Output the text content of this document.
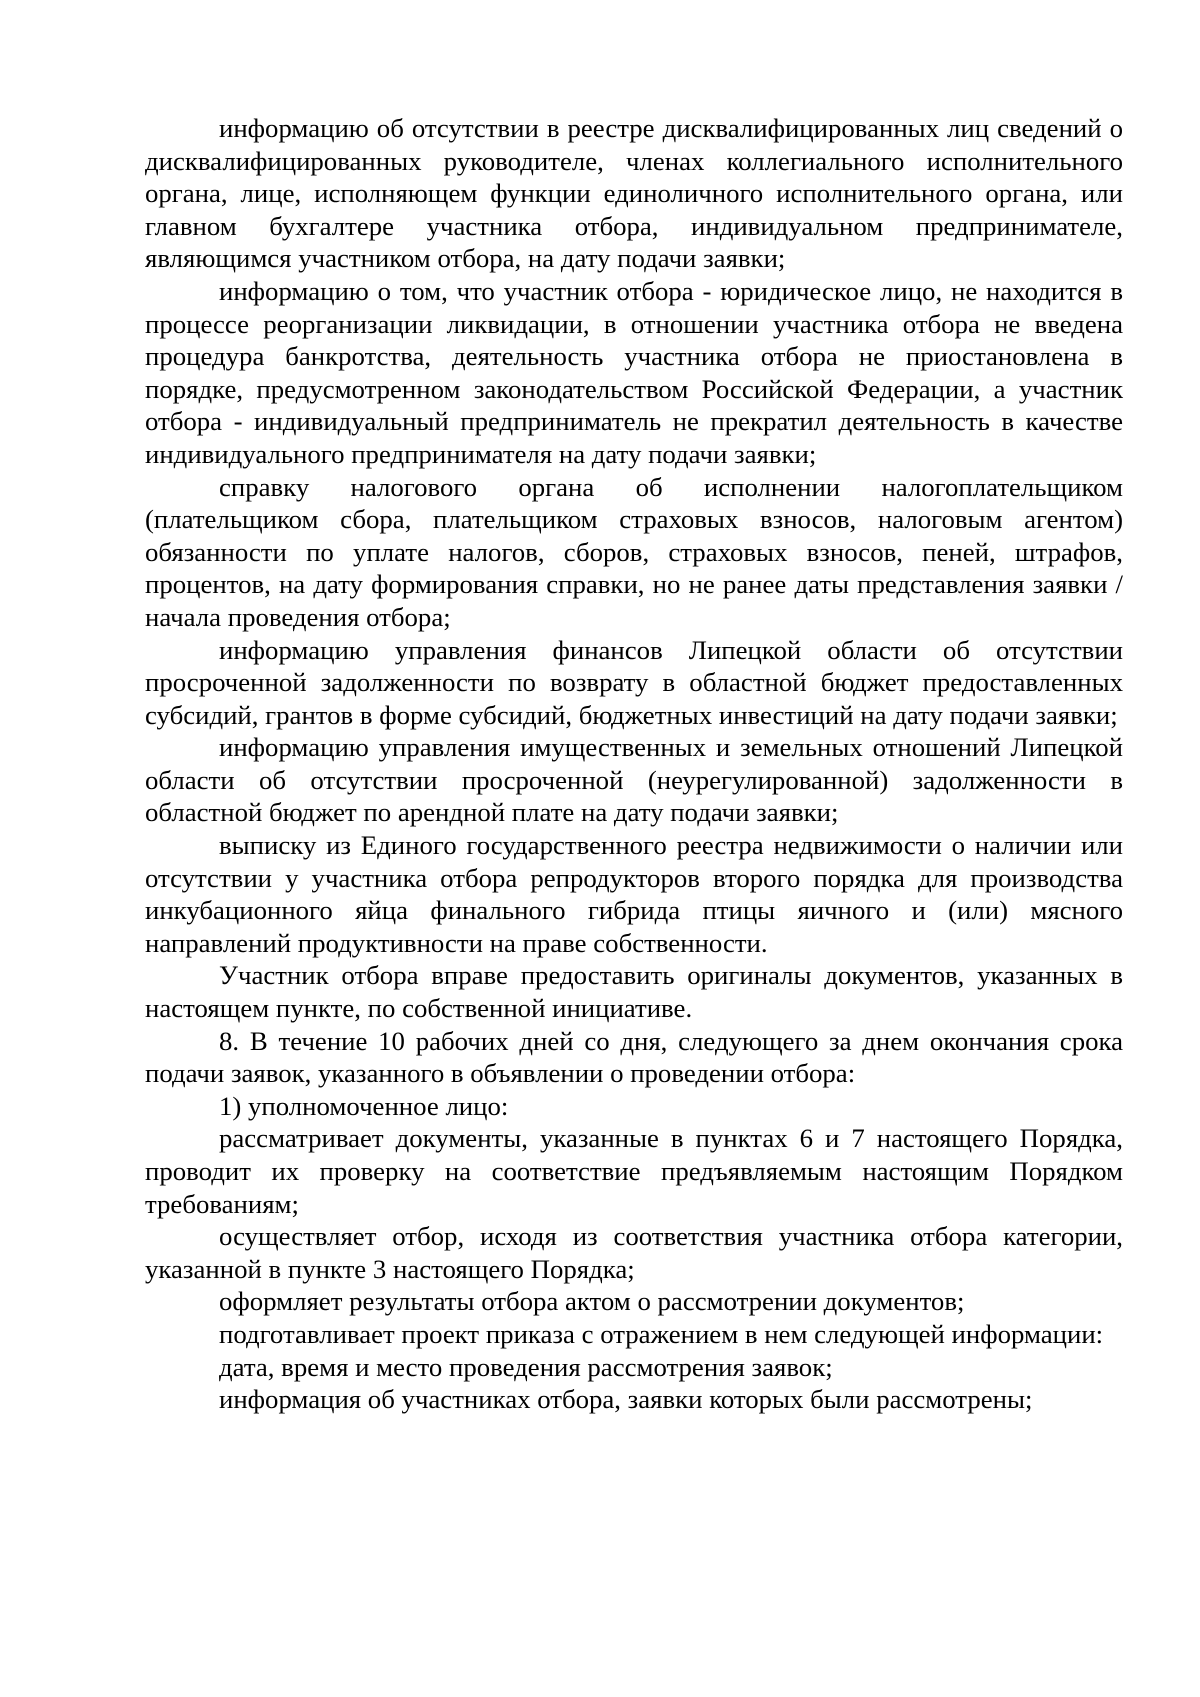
информацию об отсутствии в реестре дисквалифицированных лиц сведений о дисквалифицированных руководителе, членах коллегиального исполнительного органа, лице, исполняющем функции единоличного исполнительного органа, или главном бухгалтере участника отбора, индивидуальном предпринимателе, являющимся участником отбора, на дату подачи заявки;

информацию о том, что участник отбора - юридическое лицо, не находится в процессе реорганизации ликвидации, в отношении участника отбора не введена процедура банкротства, деятельность участника отбора не приостановлена в порядке, предусмотренном законодательством Российской Федерации, а участник отбора - индивидуальный предприниматель не прекратил деятельность в качестве индивидуального предпринимателя на дату подачи заявки;

справку налогового органа об исполнении налогоплательщиком (плательщиком сбора, плательщиком страховых взносов, налоговым агентом) обязанности по уплате налогов, сборов, страховых взносов, пеней, штрафов, процентов, на дату формирования справки, но не ранее даты представления заявки / начала проведения отбора;

информацию управления финансов Липецкой области об отсутствии просроченной задолженности по возврату в областной бюджет предоставленных субсидий, грантов в форме субсидий, бюджетных инвестиций на дату подачи заявки;

информацию управления имущественных и земельных отношений Липецкой области об отсутствии просроченной (неурегулированной) задолженности в областной бюджет по арендной плате на дату подачи заявки;

выписку из Единого государственного реестра недвижимости о наличии или отсутствии у участника отбора репродукторов второго порядка для производства инкубационного яйца финального гибрида птицы яичного и (или) мясного направлений продуктивности на праве собственности.

Участник отбора вправе предоставить оригиналы документов, указанных в настоящем пункте, по собственной инициативе.

8. В течение 10 рабочих дней со дня, следующего за днем окончания срока подачи заявок, указанного в объявлении о проведении отбора:

1) уполномоченное лицо:

рассматривает документы, указанные в пунктах 6 и 7 настоящего Порядка, проводит их проверку на соответствие предъявляемым настоящим Порядком требованиям;

осуществляет отбор, исходя из соответствия участника отбора категории, указанной в пункте 3 настоящего Порядка;

оформляет результаты отбора актом о рассмотрении документов;

подготавливает проект приказа с отражением в нем следующей информации:

дата, время и место проведения рассмотрения заявок;

информация об участниках отбора, заявки которых были рассмотрены;
